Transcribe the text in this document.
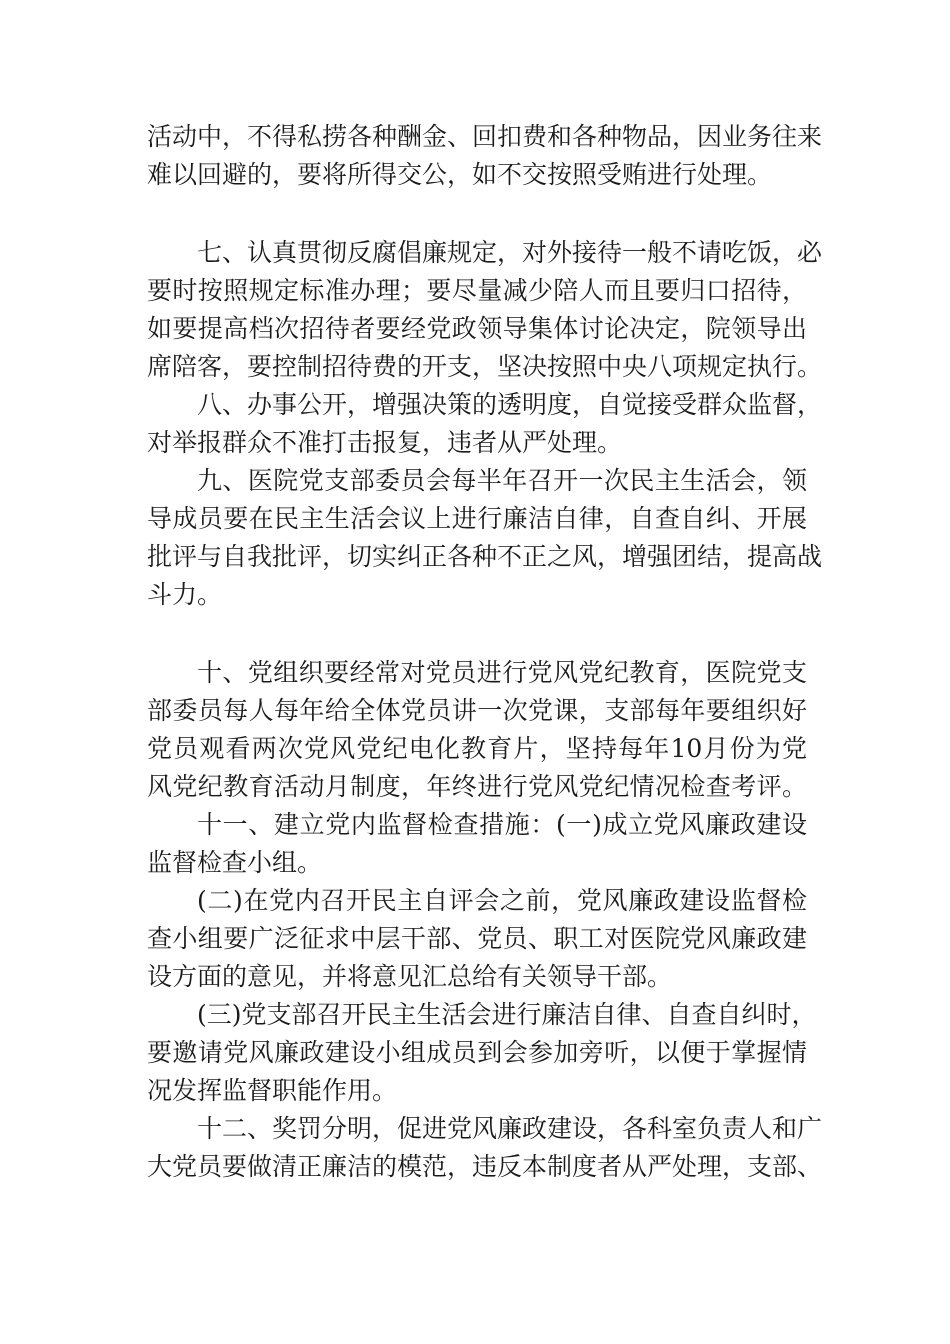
活动中，不得私捞各种酬金、回扣费和各种物品，因业务往来
难以回避的，要将所得交公，如不交按照受贿进行处理。
七、认真贯彻反腐倡廉规定，对外接待一般不请吃饭，必
要时按照规定标准办理；要尽量减少陪人而且要归口招待，
如要提高档次招待者要经党政领导集体讨论决定，院领导出
席陪客，要控制招待费的开支，坚决按照中央八项规定执行。
八、办事公开，增强决策的透明度，自觉接受群众监督，
对举报群众不准打击报复，违者从严处理。
九、医院党支部委员会每半年召开一次民主生活会，领
导成员要在民主生活会议上进行廉洁自律，自查自纠、开展
批评与自我批评，切实纠正各种不正之风，增强团结，提高战
斗力。
十、党组织要经常对党员进行党风党纪教育，医院党支
部委员每人每年给全体党员讲一次党课，支部每年要组织好
党员观看两次党风党纪电化教育片，坚持每年10月份为党
风党纪教育活动月制度，年终进行党风党纪情况检查考评。
十一、建立党内监督检查措施：(一)成立党风廉政建设
监督检查小组。
(二)在党内召开民主自评会之前，党风廉政建设监督检
查小组要广泛征求中层干部、党员、职工对医院党风廉政建
设方面的意见，并将意见汇总给有关领导干部。
(三)党支部召开民主生活会进行廉洁自律、自查自纠时，
要邀请党风廉政建设小组成员到会参加旁听，以便于掌握情
况发挥监督职能作用。
十二、奖罚分明，促进党风廉政建设，各科室负责人和广
大党员要做清正廉洁的模范，违反本制度者从严处理，支部、
